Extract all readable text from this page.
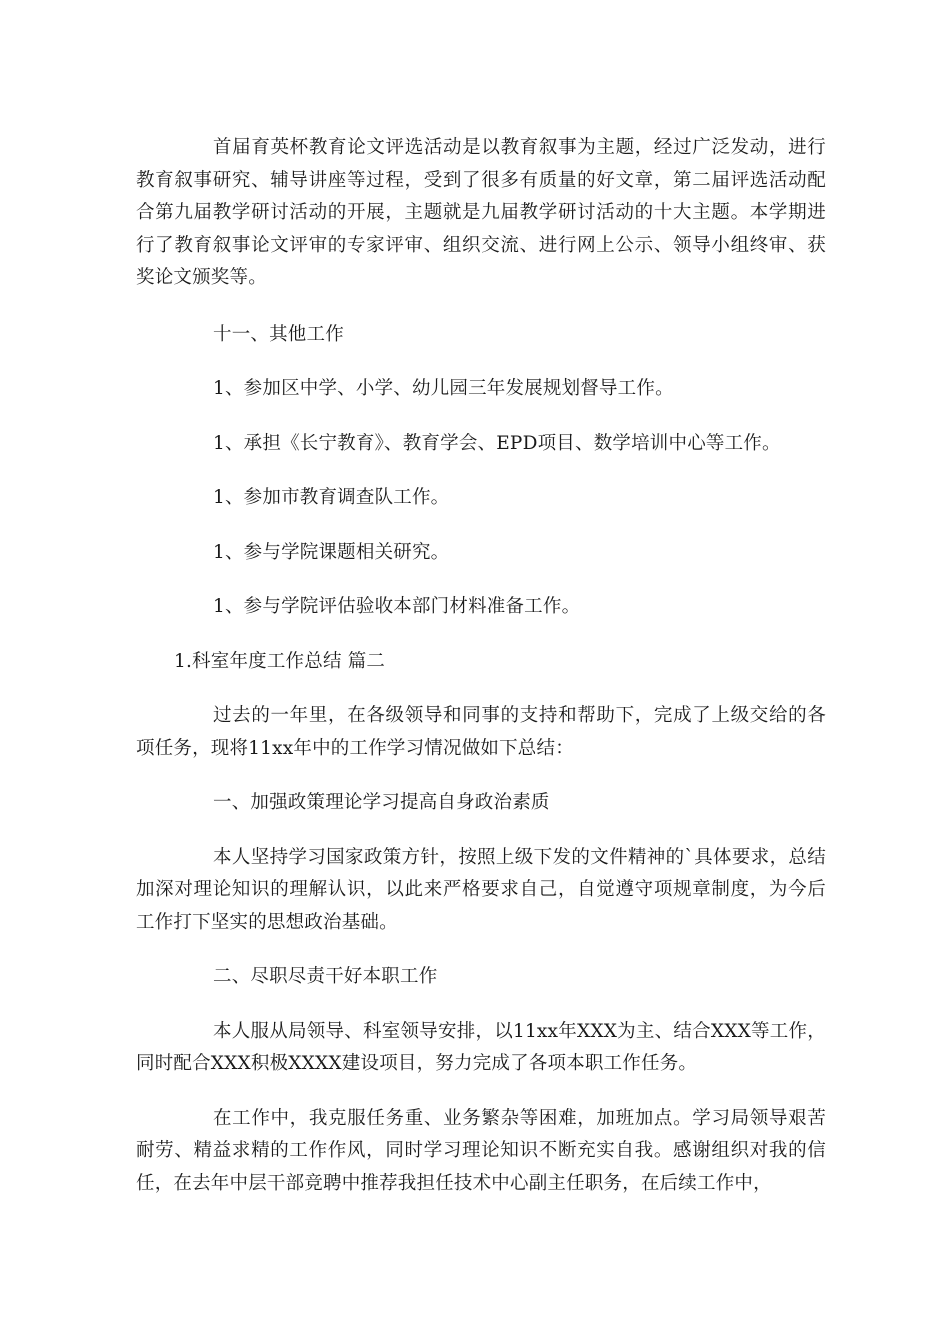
首届育英杯教育论文评选活动是以教育叙事为主题，经过广泛发动，进行教育叙事研究、辅导讲座等过程，受到了很多有质量的好文章，第二届评选活动配合第九届教学研讨活动的开展，主题就是九届教学研讨活动的十大主题。本学期进行了教育叙事论文评审的专家评审、组织交流、进行网上公示、领导小组终审、获奖论文颁奖等。

十一、其他工作

1、参加区中学、小学、幼儿园三年发展规划督导工作。

1、承担《长宁教育》、教育学会、EPD项目、数学培训中心等工作。

1、参加市教育调查队工作。

1、参与学院课题相关研究。

1、参与学院评估验收本部门材料准备工作。

1.科室年度工作总结 篇二

过去的一年里，在各级领导和同事的支持和帮助下，完成了上级交给的各项任务，现将11xx年中的工作学习情况做如下总结：

一、加强政策理论学习提高自身政治素质

本人坚持学习国家政策方针，按照上级下发的文件精神的`具体要求，总结加深对理论知识的理解认识，以此来严格要求自己，自觉遵守项规章制度，为今后工作打下坚实的思想政治基础。

二、尽职尽责干好本职工作

本人服从局领导、科室领导安排，以11xx年XXX为主、结合XXX等工作，同时配合XXX积极XXXX建设项目，努力完成了各项本职工作任务。

在工作中，我克服任务重、业务繁杂等困难，加班加点。学习局领导艰苦耐劳、精益求精的工作作风，同时学习理论知识不断充实自我。感谢组织对我的信任，在去年中层干部竞聘中推荐我担任技术中心副主任职务，在后续工作中，
